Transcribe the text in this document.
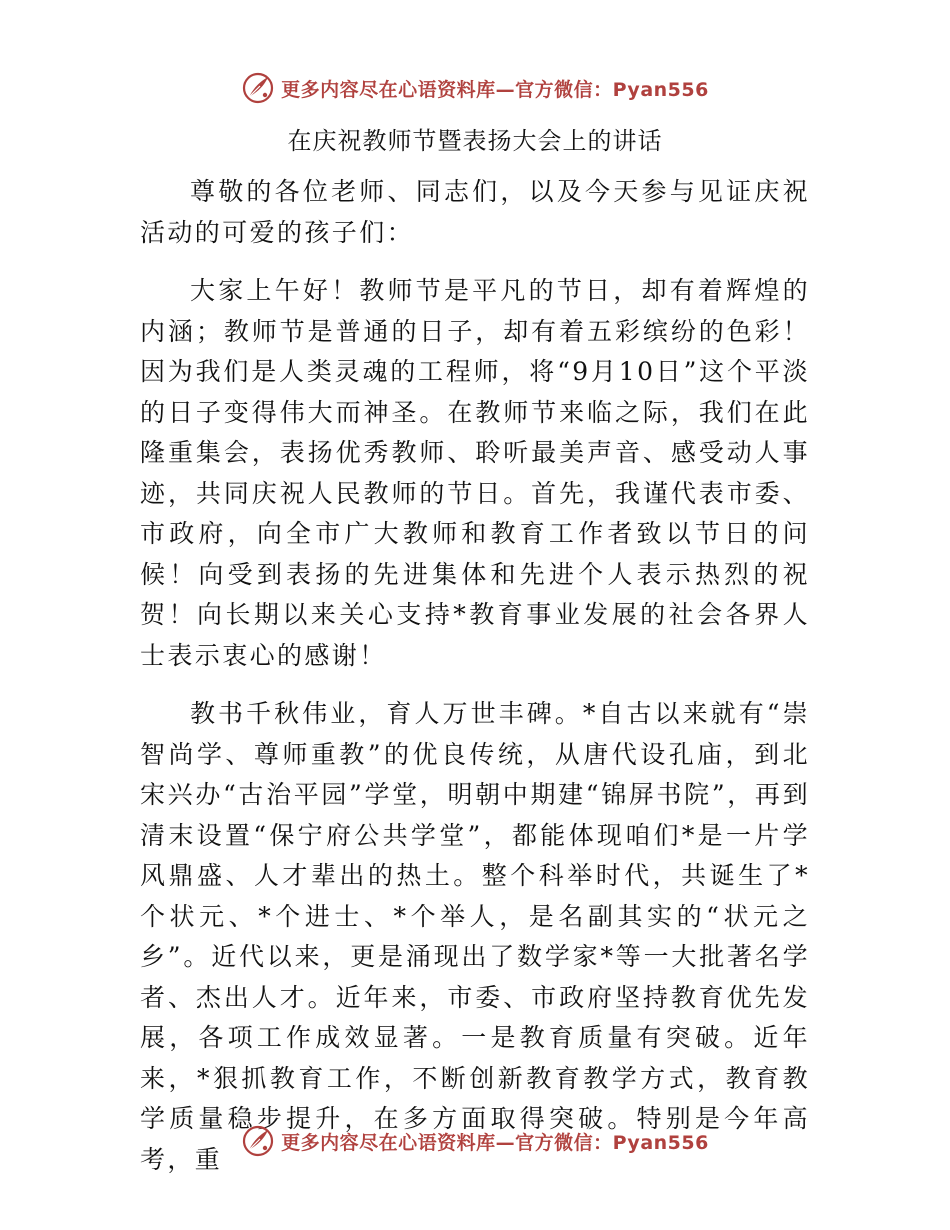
更多内容尽在心语资料库—官方微信：Pyan556
在庆祝教师节暨表扬大会上的讲话

尊敬的各位老师、同志们，以及今天参与见证庆祝活动的可爱的孩子们：

大家上午好！教师节是平凡的节日，却有着辉煌的内涵；教师节是普通的日子，却有着五彩缤纷的色彩！因为我们是人类灵魂的工程师，将“9月10日”这个平淡的日子变得伟大而神圣。在教师节来临之际，我们在此隆重集会，表扬优秀教师、聆听最美声音、感受动人事迹，共同庆祝人民教师的节日。首先，我谨代表市委、市政府，向全市广大教师和教育工作者致以节日的问候！向受到表扬的先进集体和先进个人表示热烈的祝贺！向长期以来关心支持*教育事业发展的社会各界人士表示衷心的感谢！

教书千秋伟业，育人万世丰碑。*自古以来就有“崇智尚学、尊师重教”的优良传统，从唐代设孔庙，到北宋兴办“古治平园”学堂，明朝中期建“锦屏书院”，再到清末设置“保宁府公共学堂”，都能体现咱们*是一片学风鼎盛、人才辈出的热土。整个科举时代，共诞生了*个状元、*个进士、*个举人，是名副其实的“状元之乡”。近代以来，更是涌现出了数学家*等一大批著名学者、杰出人才。近年来，市委、市政府坚持教育优先发展，各项工作成效显著。一是教育质量有突破。近年来，*狠抓教育工作，不断创新教育教学方式，教育教学质量稳步提升，在多方面取得突破。特别是今年高考，重

更多内容尽在心语资料库—官方微信：Pyan556
